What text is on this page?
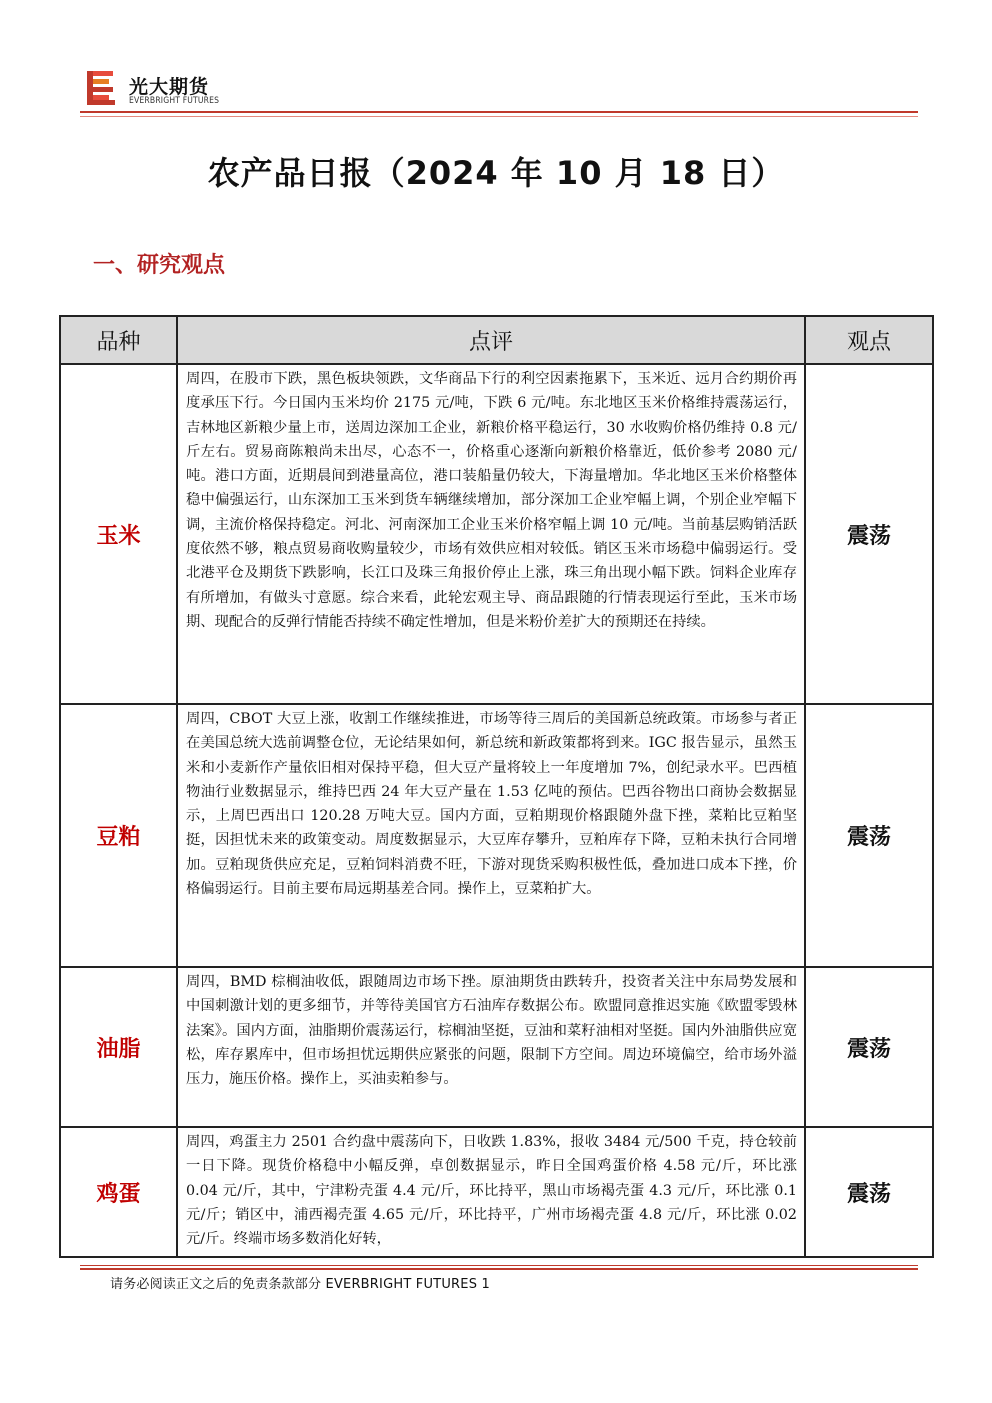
光大期货
EVERBRIGHT FUTURES
农产品日报（2024 年 10 月 18 日）
一、研究观点
品种	点评	观点
玉米	周四，在股市下跌，黑色板块领跌，文华商品下行的利空因素拖累下，玉米近、远月合约期价再度承压下行。今日国内玉米均价 2175 元/吨，下跌 6 元/吨。东北地区玉米价格维持震荡运行，吉林地区新粮少量上市，送周边深加工企业，新粮价格平稳运行，30 水收购价格仍维持 0.8 元/斤左右。贸易商陈粮尚未出尽，心态不一，价格重心逐渐向新粮价格靠近，低价参考 2080 元/吨。港口方面，近期晨间到港量高位，港口装船量仍较大，下海量增加。华北地区玉米价格整体稳中偏强运行，山东深加工玉米到货车辆继续增加，部分深加工企业窄幅上调，个别企业窄幅下调，主流价格保持稳定。河北、河南深加工企业玉米价格窄幅上调 10 元/吨。当前基层购销活跃度依然不够，粮点贸易商收购量较少，市场有效供应相对较低。销区玉米市场稳中偏弱运行。受北港平仓及期货下跌影响，长江口及珠三角报价停止上涨，珠三角出现小幅下跌。饲料企业库存有所增加，有做头寸意愿。综合来看，此轮宏观主导、商品跟随的行情表现运行至此，玉米市场期、现配合的反弹行情能否持续不确定性增加，但是米粉价差扩大的预期还在持续。	震荡
豆粕	周四，CBOT 大豆上涨，收割工作继续推进，市场等待三周后的美国新总统政策。市场参与者正在美国总统大选前调整仓位，无论结果如何，新总统和新政策都将到来。IGC 报告显示，虽然玉米和小麦新作产量依旧相对保持平稳，但大豆产量将较上一年度增加 7%，创纪录水平。巴西植物油行业数据显示，维持巴西 24 年大豆产量在 1.53 亿吨的预估。巴西谷物出口商协会数据显示，上周巴西出口 120.28 万吨大豆。国内方面，豆粕期现价格跟随外盘下挫，菜粕比豆粕坚挺，因担忧未来的政策变动。周度数据显示，大豆库存攀升，豆粕库存下降，豆粕未执行合同增加。豆粕现货供应充足，豆粕饲料消费不旺，下游对现货采购积极性低，叠加进口成本下挫，价格偏弱运行。目前主要布局远期基差合同。操作上，豆菜粕扩大。	震荡
油脂	周四，BMD 棕榈油收低，跟随周边市场下挫。原油期货由跌转升，投资者关注中东局势发展和中国刺激计划的更多细节，并等待美国官方石油库存数据公布。欧盟同意推迟实施《欧盟零毁林法案》。国内方面，油脂期价震荡运行，棕榈油坚挺，豆油和菜籽油相对坚挺。国内外油脂供应宽松，库存累库中，但市场担忧远期供应紧张的问题，限制下方空间。周边环境偏空，给市场外溢压力，施压价格。操作上，买油卖粕参与。	震荡
鸡蛋	周四，鸡蛋主力 2501 合约盘中震荡向下，日收跌 1.83%，报收 3484 元/500 千克，持仓较前一日下降。现货价格稳中小幅反弹，卓创数据显示，昨日全国鸡蛋价格 4.58 元/斤，环比涨 0.04 元/斤，其中，宁津粉壳蛋 4.4 元/斤，环比持平，黑山市场褐壳蛋 4.3 元/斤，环比涨 0.1 元/斤；销区中，浦西褐壳蛋 4.65 元/斤，环比持平，广州市场褐壳蛋 4.8 元/斤，环比涨 0.02 元/斤。终端市场多数消化好转，	震荡
请务必阅读正文之后的免责条款部分 EVERBRIGHT FUTURES 1
